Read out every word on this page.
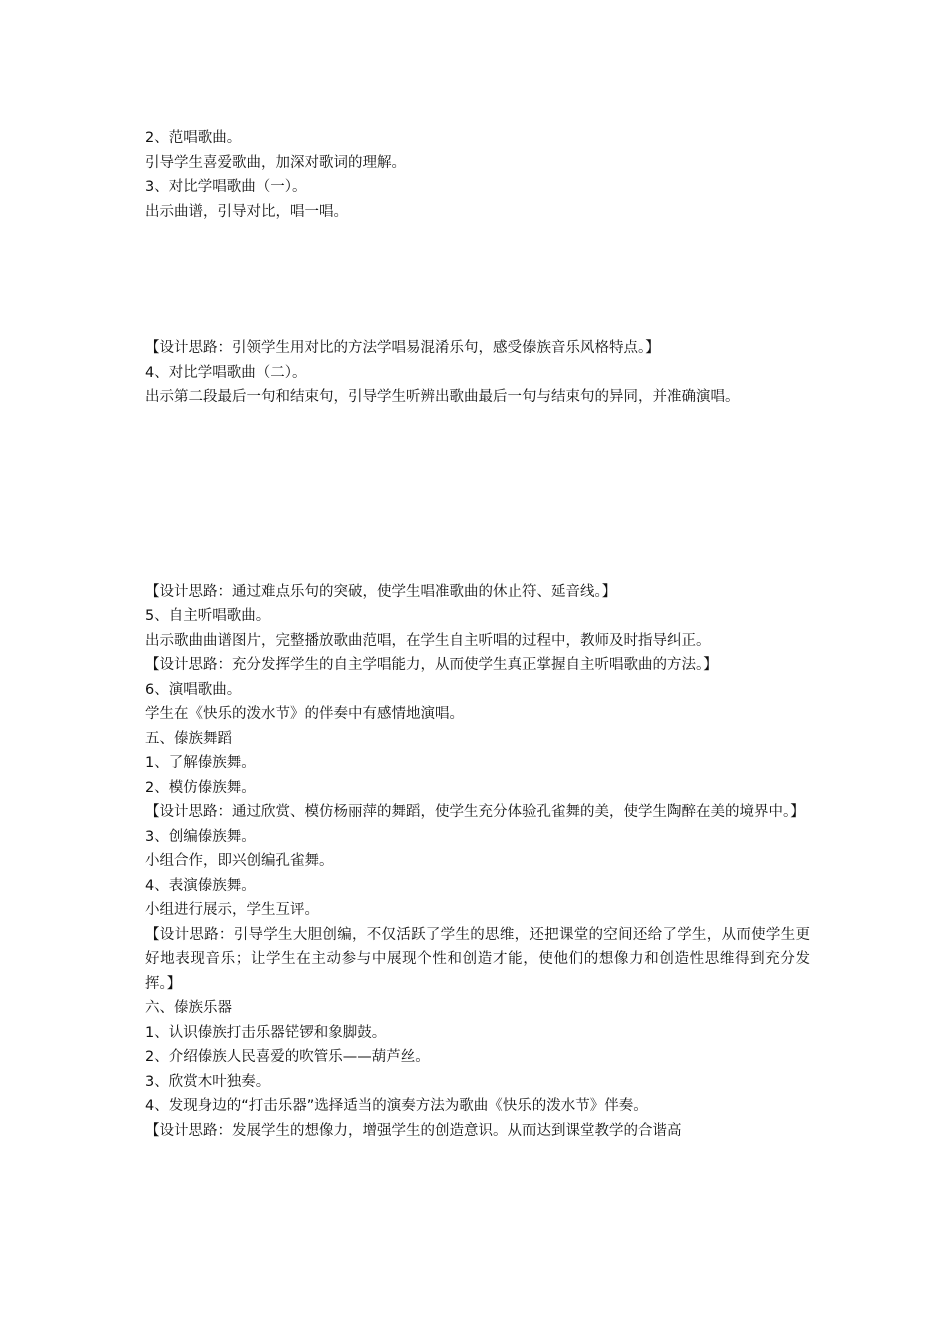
2、范唱歌曲。

引导学生喜爱歌曲，加深对歌词的理解。

3、对比学唱歌曲（一）。

出示曲谱，引导对比，唱一唱。

【设计思路：引领学生用对比的方法学唱易混淆乐句，感受傣族音乐风格特点。】

4、对比学唱歌曲（二）。

出示第二段最后一句和结束句，引导学生听辨出歌曲最后一句与结束句的异同，并准确演唱。

【设计思路：通过难点乐句的突破，使学生唱准歌曲的休止符、延音线。】

5、自主听唱歌曲。

出示歌曲曲谱图片，完整播放歌曲范唱，在学生自主听唱的过程中，教师及时指导纠正。

【设计思路：充分发挥学生的自主学唱能力，从而使学生真正掌握自主听唱歌曲的方法。】

6、演唱歌曲。

学生在《快乐的泼水节》的伴奏中有感情地演唱。

五、傣族舞蹈

1、了解傣族舞。

2、模仿傣族舞。

【设计思路：通过欣赏、模仿杨丽萍的舞蹈，使学生充分体验孔雀舞的美，使学生陶醉在美的境界中。】

3、创编傣族舞。

小组合作，即兴创编孔雀舞。

4、表演傣族舞。

小组进行展示，学生互评。

【设计思路：引导学生大胆创编，不仅活跃了学生的思维，还把课堂的空间还给了学生，从而使学生更好地表现音乐；让学生在主动参与中展现个性和创造才能，使他们的想像力和创造性思维得到充分发挥。】

六、傣族乐器

1、认识傣族打击乐器铓锣和象脚鼓。

2、介绍傣族人民喜爱的吹管乐——葫芦丝。

3、欣赏木叶独奏。

4、发现身边的“打击乐器”选择适当的演奏方法为歌曲《快乐的泼水节》伴奏。

【设计思路：发展学生的想像力，增强学生的创造意识。从而达到课堂教学的合谐高
